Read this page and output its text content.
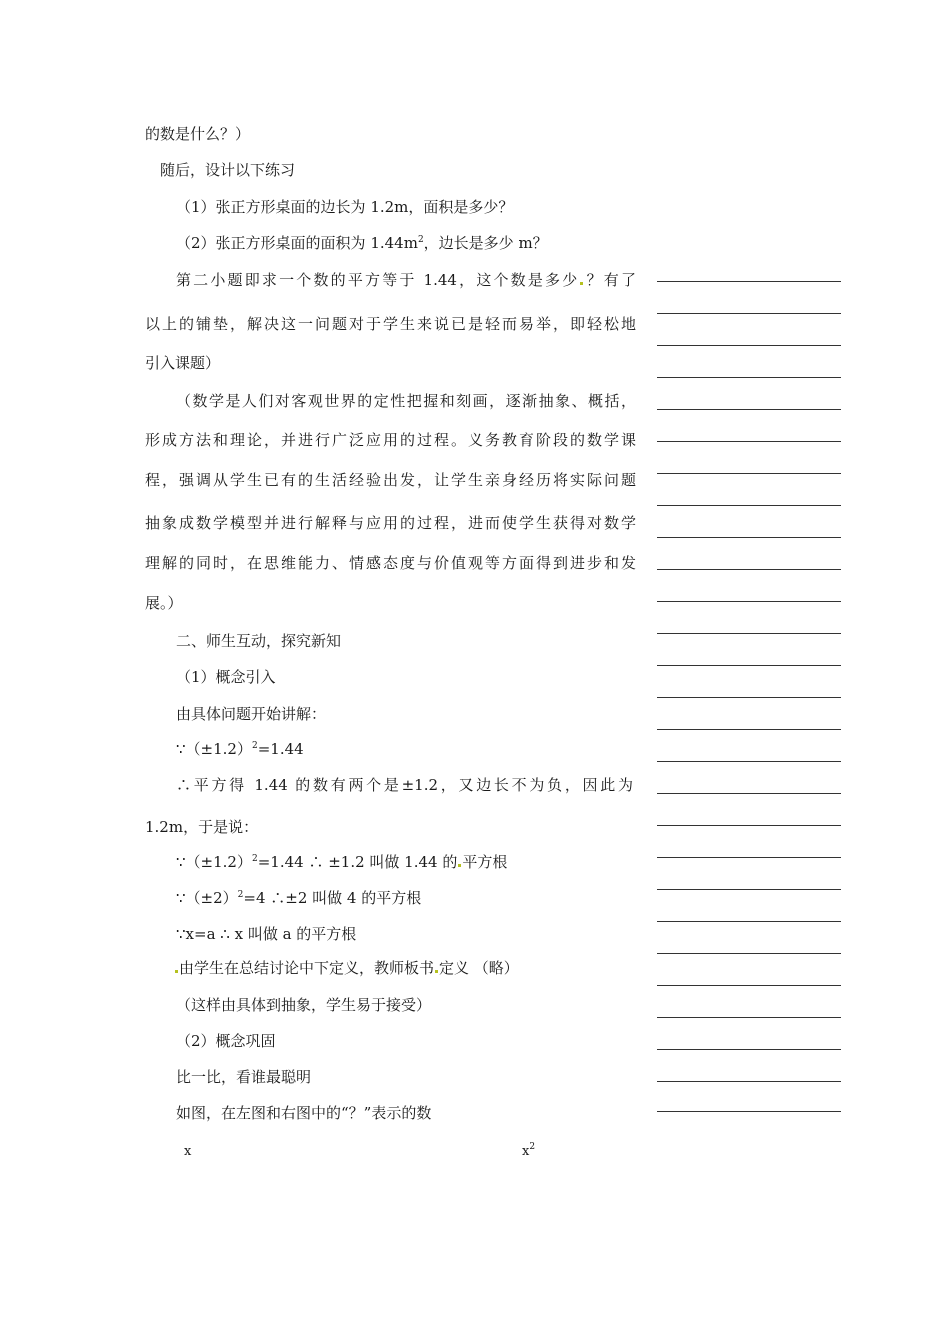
的数是什么？）
随后，设计以下练习
（1）张正方形桌面的边长为 1.2m，面积是多少？
（2）张正方形桌面的面积为 $1.44m^2$，边长是多少 m？
第二小题即求一个数的平方等于 1.44，这个数是多少 ？有了
以上的铺垫，解决这一问题对于学生来说已是轻而易举，即轻松地
引入课题）
（数学是人们对客观世界的定性把握和刻画，逐渐抽象、概括，
形成方法和理论，并进行广泛应用的过程。义务教育阶段的数学课
程，强调从学生已有的生活经验出发，让学生亲身经历将实际问题
抽象成数学模型并进行解释与应用的过程，进而使学生获得对数学
理解的同时，在思维能力、情感态度与价值观等方面得到进步和发
展。）
二、师生互动，探究新知
（1）概念引入
由具体问题开始讲解：
$\because(\pm 1.2)^2=1.44$
∴平方得 1.44 的数有两个是±1.2，又边长不为负，因此为
1.2m，于是说：
$\because(\pm 1.2)^2=1.44$ ∴ ±1.2 叫做 1.44 的 平方根
$\because(\pm 2)^2=4$ ∴±2 叫做 4 的平方根
∵x=a ∴ x 叫做 a 的平方根
由学生在总结讨论中下定义，教师板书 定义 （略）
（这样由具体到抽象，学生易于接受）
（2）概念巩固
比一比，看谁最聪明
如图，在左图和右图中的“？”表示的数
x	$x^2$
